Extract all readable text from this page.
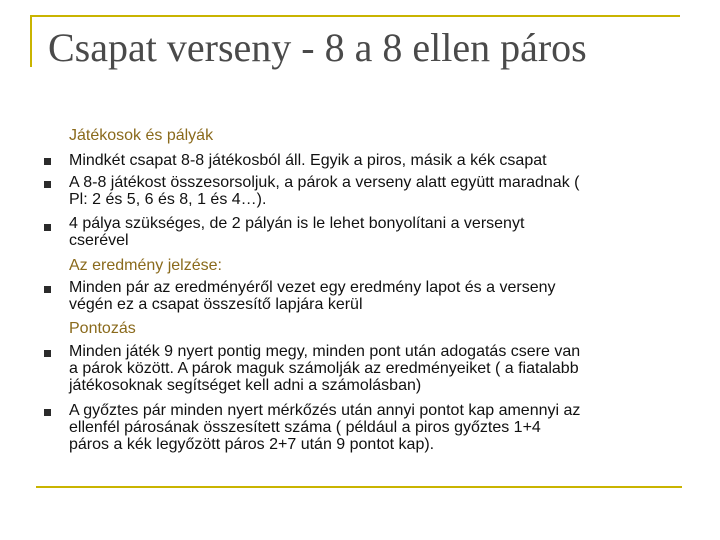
Csapat verseny - 8 a 8 ellen páros
Játékosok és pályák
Mindkét csapat 8-8 játékosból áll. Egyik a piros, másik a kék csapat
A 8-8 játékost összesorsoljuk, a párok a verseny alatt együtt maradnak (
Pl: 2 és 5, 6 és 8, 1 és 4…).
4 pálya szükséges, de 2 pályán is le lehet bonyolítani a versenyt
cserével
Az eredmény jelzése:
Minden pár az eredményéről vezet egy eredmény lapot és a verseny
végén ez a csapat összesítő lapjára kerül
Pontozás
Minden játék 9 nyert pontig megy, minden pont után adogatás csere van
a párok között. A párok maguk számolják az eredményeiket ( a fiatalabb
játékosoknak segítséget kell adni a számolásban)
A győztes pár minden nyert mérkőzés után annyi pontot kap amennyi az
ellenfél párosának összesített száma ( például a piros győztes 1+4
páros a kék legyőzött páros 2+7 után 9 pontot kap).
